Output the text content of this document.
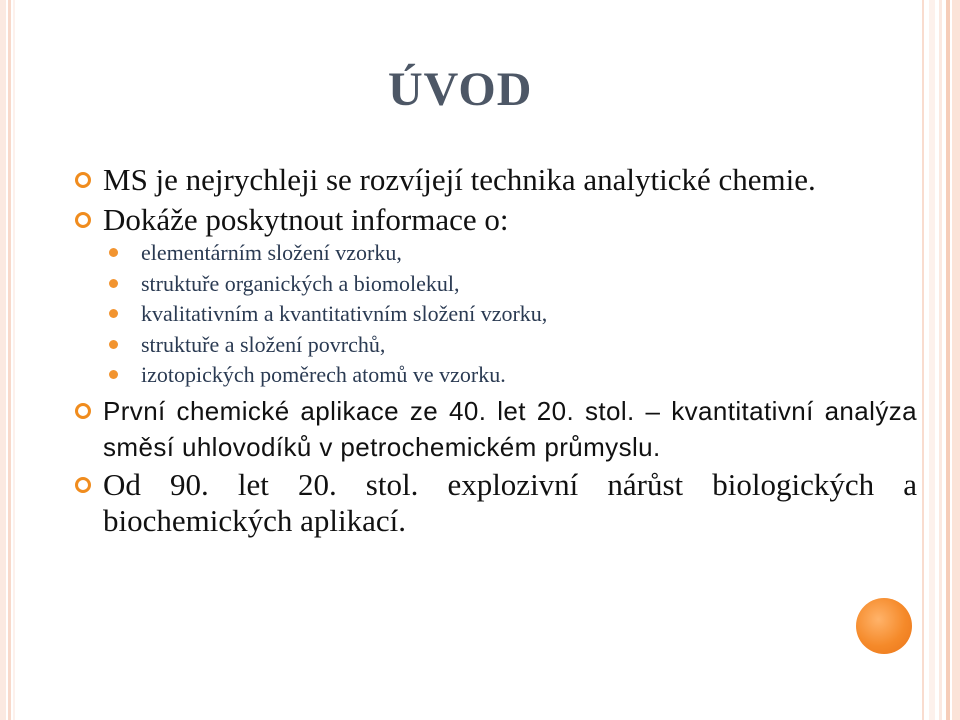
ÚVOD
MS je nejrychleji se rozvíjejí technika analytické chemie.
Dokáže poskytnout informace o:
elementárním složení vzorku,
struktuře organických a biomolekul,
kvalitativním a kvantitativním složení vzorku,
struktuře a složení povrchů,
izotopických poměrech atomů ve vzorku.
První chemické aplikace ze 40. let 20. stol. – kvantitativní analýza směsí uhlovodíků v petrochemickém průmyslu.
Od 90. let 20. stol. explozivní nárůst biologických a biochemických aplikací.
